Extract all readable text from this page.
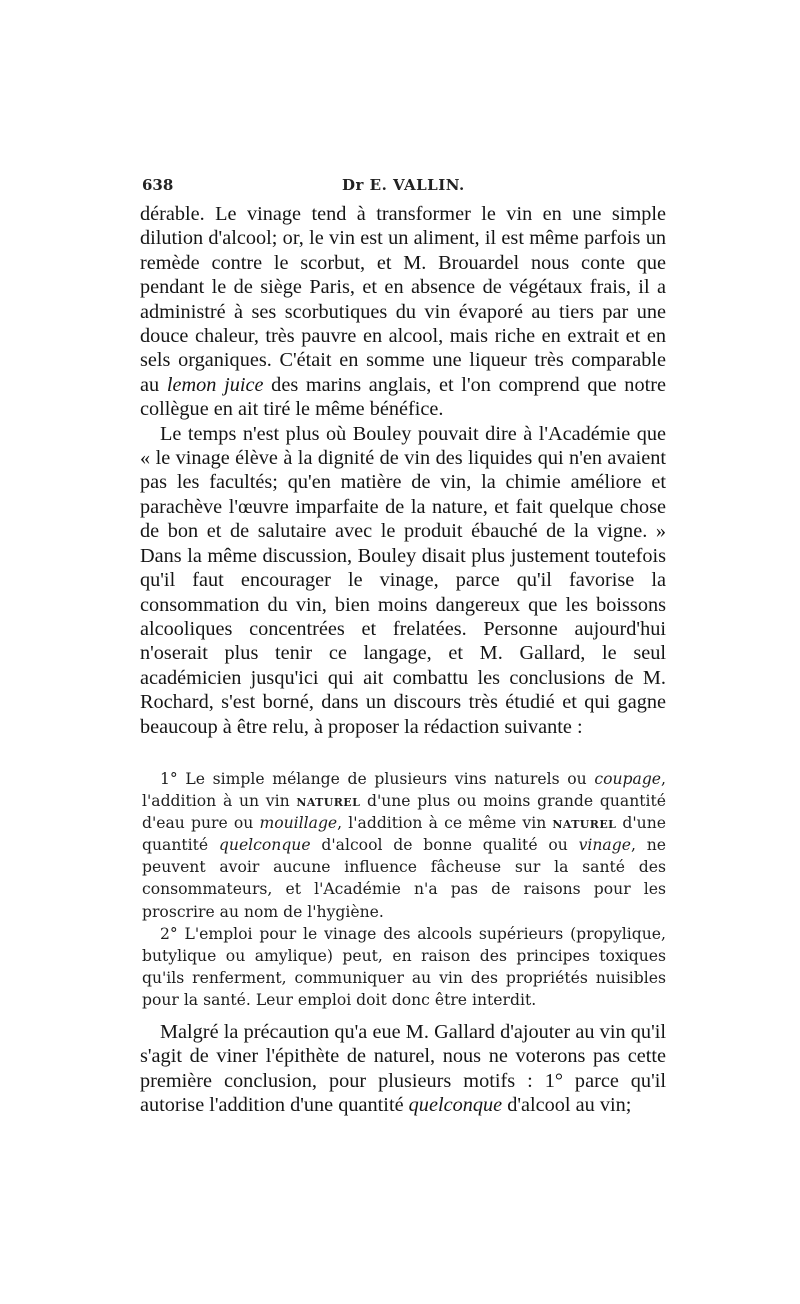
638	Dr E. VALLIN.

dérable. Le vinage tend à transformer le vin en une simple dilution d'alcool; or, le vin est un aliment, il est même parfois un remède contre le scorbut, et M. Brouardel nous conte que pendant le de siège Paris, et en absence de végétaux frais, il a administré à ses scorbutiques du vin évaporé au tiers par une douce chaleur, très pauvre en alcool, mais riche en extrait et en sels organiques. C'était en somme une liqueur très comparable au lemon juice des marins anglais, et l'on comprend que notre collègue en ait tiré le même bénéfice.

Le temps n'est plus où Bouley pouvait dire à l'Académie que « le vinage élève à la dignité de vin des liquides qui n'en avaient pas les facultés; qu'en matière de vin, la chimie améliore et parachève l'œuvre imparfaite de la nature, et fait quelque chose de bon et de salutaire avec le produit ébauché de la vigne. » Dans la même discussion, Bouley disait plus justement toutefois qu'il faut encourager le vinage, parce qu'il favorise la consommation du vin, bien moins dangereux que les boissons alcooliques concentrées et frelatées. Personne aujourd'hui n'oserait plus tenir ce langage, et M. Gallard, le seul académicien jusqu'ici qui ait combattu les conclusions de M. Rochard, s'est borné, dans un discours très étudié et qui gagne beaucoup à être relu, à proposer la rédaction suivante :

1° Le simple mélange de plusieurs vins naturels ou coupage, l'addition à un vin naturel d'une plus ou moins grande quantité d'eau pure ou mouillage, l'addition à ce même vin naturel d'une quantité quelconque d'alcool de bonne qualité ou vinage, ne peuvent avoir aucune influence fâcheuse sur la santé des consommateurs, et l'Académie n'a pas de raisons pour les proscrire au nom de l'hygiène.

2° L'emploi pour le vinage des alcools supérieurs (propylique, butylique ou amylique) peut, en raison des principes toxiques qu'ils renferment, communiquer au vin des propriétés nuisibles pour la santé. Leur emploi doit donc être interdit.

Malgré la précaution qu'a eue M. Gallard d'ajouter au vin qu'il s'agit de viner l'épithète de naturel, nous ne voterons pas cette première conclusion, pour plusieurs motifs : 1° parce qu'il autorise l'addition d'une quantité quelconque d'alcool au vin;
